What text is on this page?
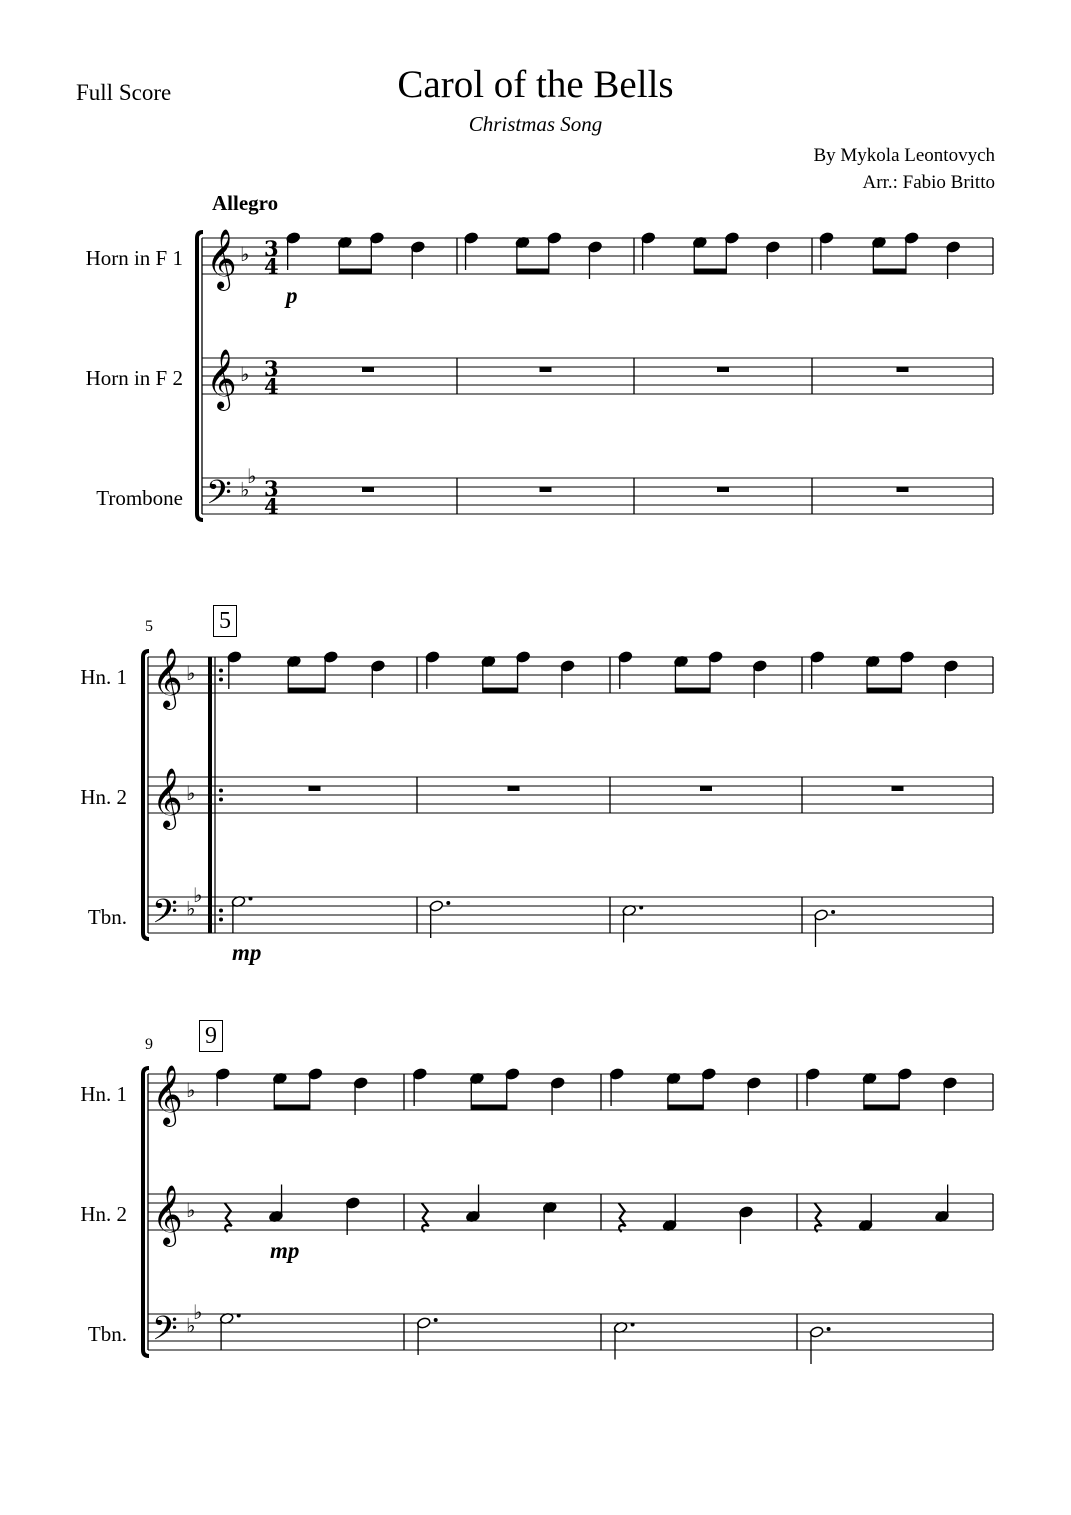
Full Score	Carol of the Bells
Christmas Song
By Mykola Leontovych
Arr.: Fabio Britto
Allegro
Horn in F 1
Horn in F 2
Trombone
p
5	5
Hn. 1
Hn. 2
Tbn.
mp
9 9
Hn. 1
Hn. 2
Tbn.
mp
𝄞
𝄞
𝄢
♭
♭
♭
♭
3
4
3
4
3
4
𝄞
𝄞
𝄢
♭
♭
♭
♭
𝄞
𝄞
𝄢
♭
♭
♭
♭
